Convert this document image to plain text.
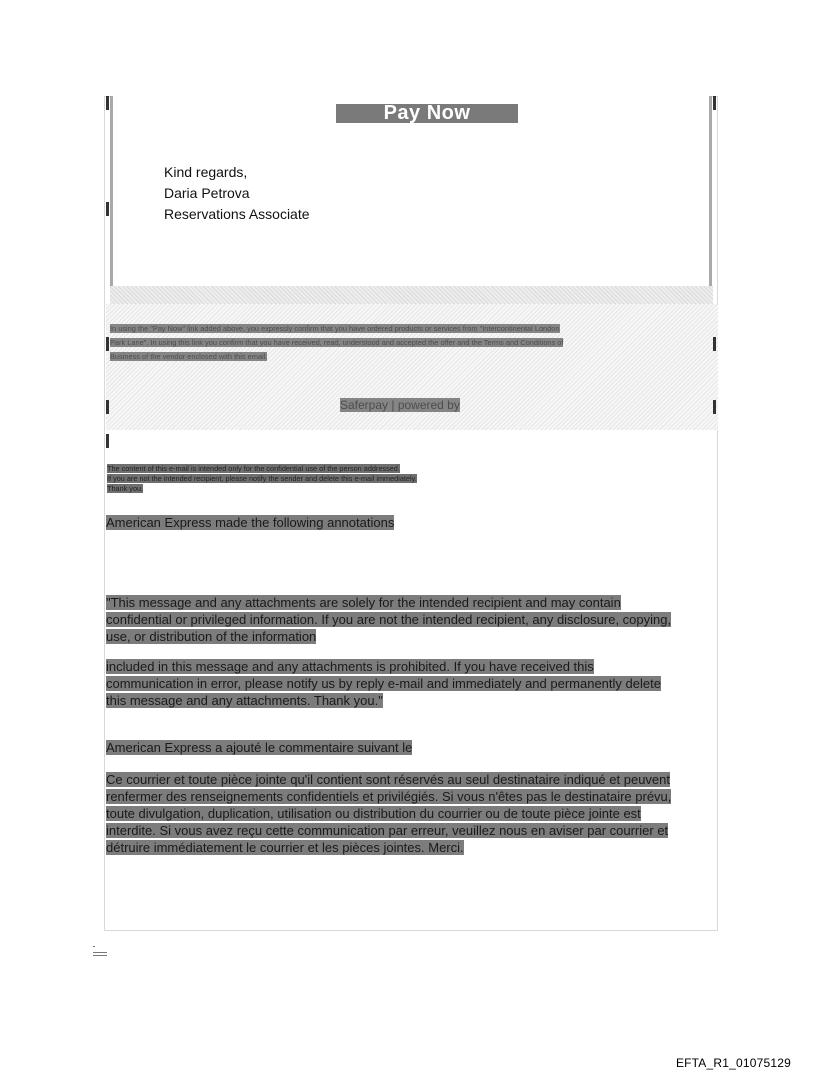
Pay Now
Kind regards,
Daria Petrova
Reservations Associate
In using the "Pay Now" link added above, you expressly confirm that you have ordered products or services from "Intercontinental London
Park Lane". In using this link you confirm that you have received, read, understood and accepted the offer and the Terms and Conditions of
Business of the vendor enclosed with this email.
Saferpay | powered by
The content of this e-mail is intended only for the confidential use of the person addressed.
If you are not the intended recipient, please notify the sender and delete this e-mail immediately.
Thank you.
American Express made the following annotations
"This message and any attachments are solely for the intended recipient and may contain
confidential or privileged information. If you are not the intended recipient, any disclosure, copying,
use, or distribution of the information
included in this message and any attachments is prohibited. If you have received this
communication in error, please notify us by reply e-mail and immediately and permanently delete
this message and any attachments. Thank you."
American Express a ajouté le commentaire suivant le
Ce courrier et toute pièce jointe qu'il contient sont réservés au seul destinataire indiqué et peuvent
renfermer des renseignements confidentiels et privilégiés. Si vous n'êtes pas le destinataire prévu,
toute divulgation, duplication, utilisation ou distribution du courrier ou de toute pièce jointe est
interdite. Si vous avez reçu cette communication par erreur, veuillez nous en aviser par courrier et
détruire immédiatement le courrier et les pièces jointes. Merci.
EFTA_R1_01075129
